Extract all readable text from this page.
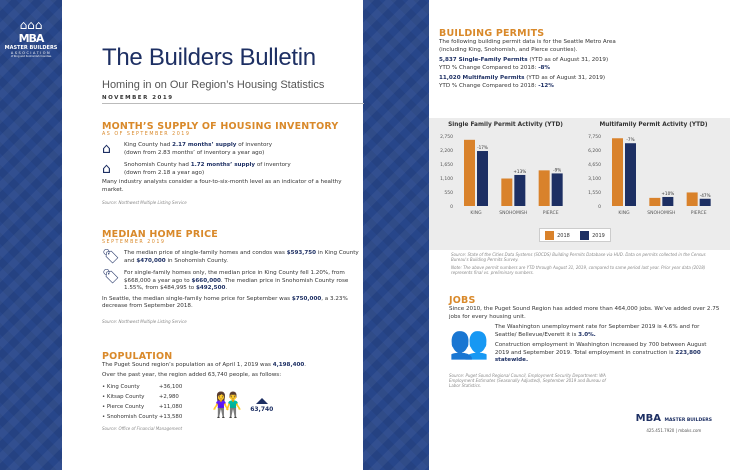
⌂⌂⌂
MBA
MASTER BUILDERS
ASSOCIATION
of King and Snohomish Counties The Builders Bulletin
Homing in on Our Region’s Housing Statistics
NOVEMBER 2019
MONTH’S SUPPLY OF HOUSING INVENTORY
AS OF SEPTEMBER 2019
⌂	King County had 2.17 months’ supply of inventory
(down from 2.83 months’ of inventory a year ago)

⌂	Snohomish County had 1.72 months’ supply of inventory
(down from 2.18 a year ago)

Many industry analysts consider a four-to-six-month level as an indicator of a healthy market.

Source: Northwest Multiple Listing Service
MEDIAN HOME PRICE
SEPTEMBER 2019
🏷 The median price of single-family homes and condos was $593,750 in King County and $470,000 in Snohomish County.

🏷 For single-family homes only, the median price in King County fell 1.20%, from $668,000 a year ago to $660,000. The median price in Snohomish County rose 1.55%, from $484,995 to $492,500.

In Seattle, the median single-family home price for September was $750,000, a 3.23% decrease from September 2018.

Source: Northwest Multiple Listing Service
POPULATION

The Puget Sound region’s population as of April 1, 2019 was 4,198,400.

Over the past year, the region added 63,740 people, as follows:

• King County	+36,100
• Kitsap County	+2,980
• Pierce County	+11,080
• Snohomish County +13,580 👫 63,740
Source: Office of Financial Management
BUILDING PERMITS

The following building permit data is for the Seattle Metro Area (including King, Snohomish, and Pierce counties).

5,837 Single-Family Permits (YTD as of August 31, 2019)
YTD % Change Compared to 2018: -8%

11,020 Multifamily Permits (YTD as of August 31, 2019)
YTD % Change Compared to 2018: -12%

Single Family Permit Activity (YTD)
0
550
1,100
1,650
2,200
2,750
-17%
KING
+13%
SNOHOMISH
-9%
PIERCE
Multifamily Permit Activity (YTD)
0
1,550
3,100
4,650
6,200
7,750	-7%
KING
+10%
SNOHOMISH
-47%
PIERCE
2018	2019
Source: State of the Cities Data Systems (SOCDS) Building Permits Database via HUD. Data on permits collected in the Census Bureau's Building Permits Survey.
Note: The above permit numbers are YTD through August 31, 2019, compared to same period last year. Prior year data (2018) represents final vs. preliminary numbers.
JOBS

Since 2010, the Puget Sound Region has added more than 464,000 jobs. We’ve added over 2.75 jobs for every housing unit.

👥 The Washington unemployment rate for September 2019 is 4.6% and for Seattle/ Bellevue/Everett it is 3.0%.

Construction employment in Washington increased by 700 between August 2019 and September 2019. Total employment in construction is 223,800 statewide.

Source: Puget Sound Regional Council, Employment Security Department: WA Employment Estimates (Seasonally Adjusted), September 2019 and Bureau of Labor Statistics.
MBA MASTER BUILDERS
425.451.7920 | mbaks.com
